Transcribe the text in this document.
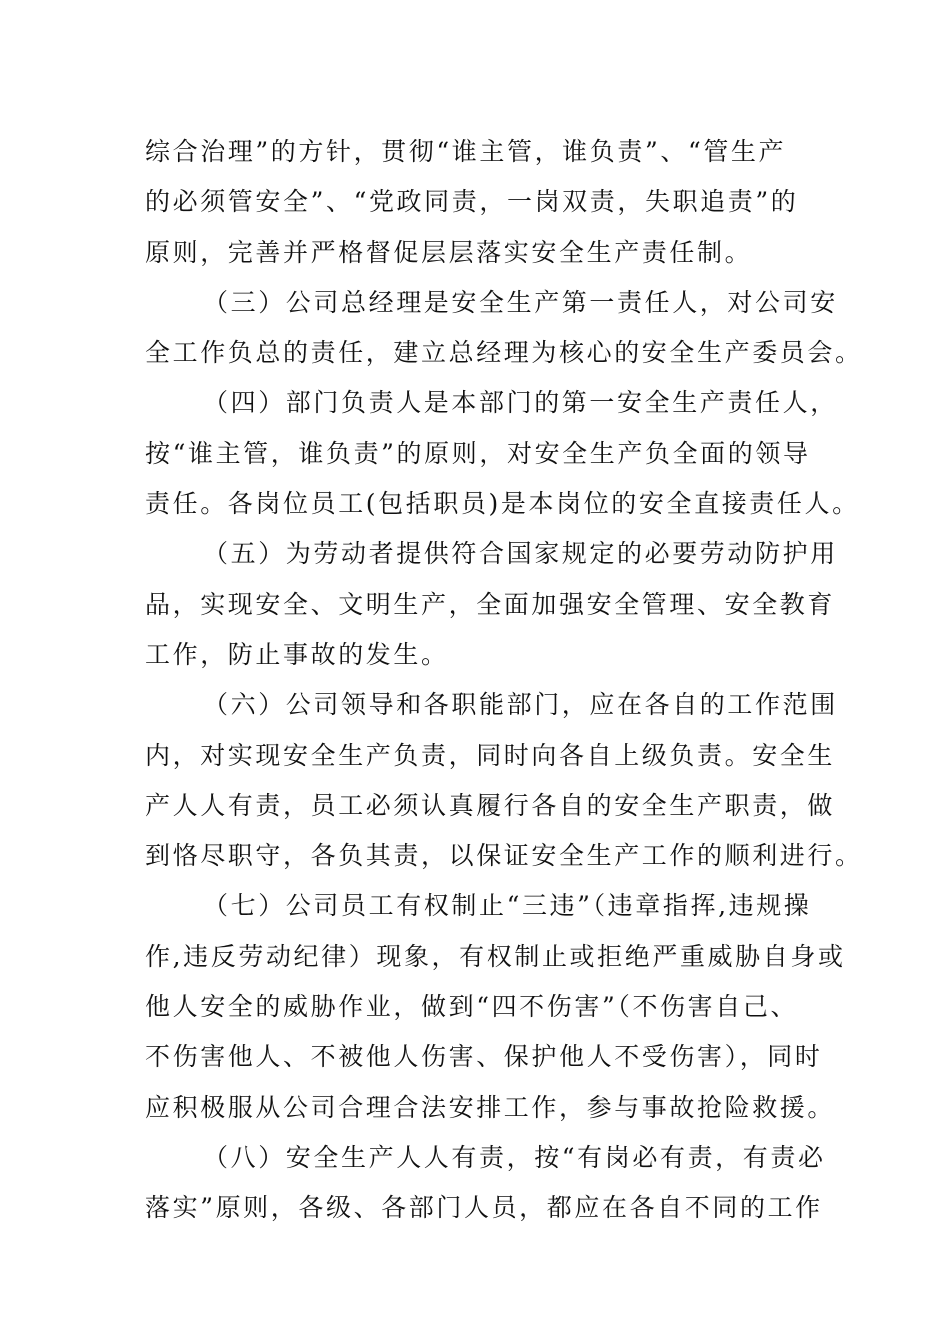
综合治理”的方针，贯彻“谁主管，谁负责”、“管生产
的必须管安全”、“党政同责，一岗双责，失职追责”的
原则，完善并严格督促层层落实安全生产责任制。
（三）公司总经理是安全生产第一责任人，对公司安
全工作负总的责任，建立总经理为核心的安全生产委员会。
（四）部门负责人是本部门的第一安全生产责任人，
按“谁主管，谁负责”的原则，对安全生产负全面的领导
责任。各岗位员工(包括职员)是本岗位的安全直接责任人。
（五）为劳动者提供符合国家规定的必要劳动防护用
品，实现安全、文明生产，全面加强安全管理、安全教育
工作，防止事故的发生。
（六）公司领导和各职能部门，应在各自的工作范围
内，对实现安全生产负责，同时向各自上级负责。安全生
产人人有责，员工必须认真履行各自的安全生产职责，做
到恪尽职守，各负其责，以保证安全生产工作的顺利进行。
（七）公司员工有权制止“三违”（违章指挥,违规操
作,违反劳动纪律）现象，有权制止或拒绝严重威胁自身或
他人安全的威胁作业，做到“四不伤害”（不伤害自己、
不伤害他人、不被他人伤害、保护他人不受伤害），同时
应积极服从公司合理合法安排工作，参与事故抢险救援。
（八）安全生产人人有责，按“有岗必有责，有责必
落实”原则，各级、各部门人员，都应在各自不同的工作
